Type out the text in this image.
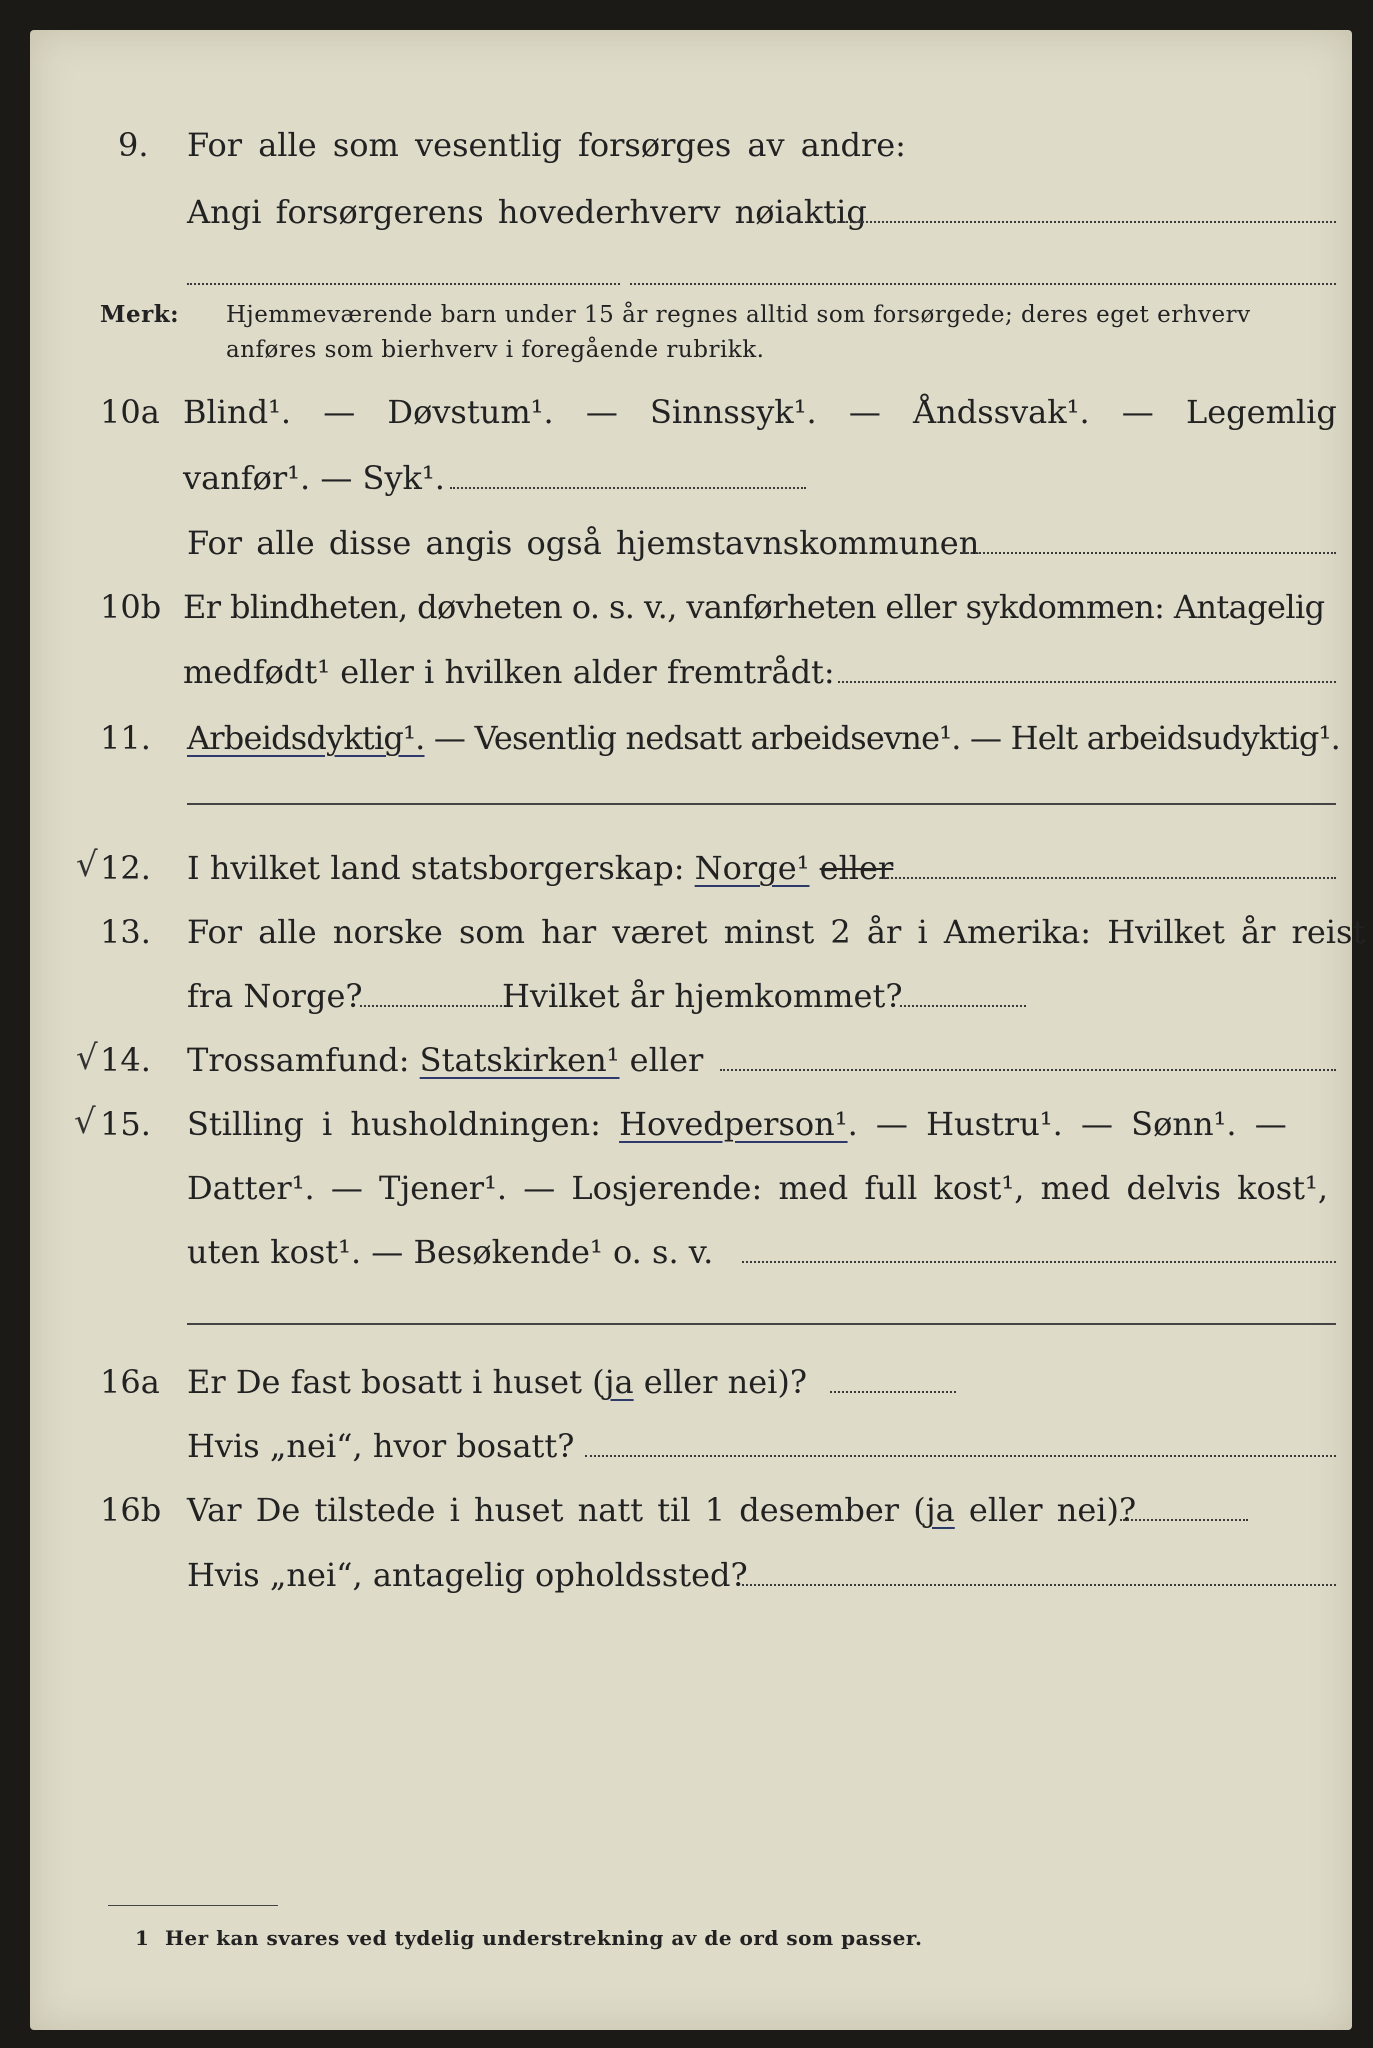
9. For alle som vesentlig forsørges av andre:
Angi forsørgerens hovederhverv nøiaktig
Merk: Hjemmeværende barn under 15 år regnes alltid som forsørgede; deres eget erhverv
anføres som bierhverv i foregående rubrikk.
10a Blind¹. — Døvstum¹. — Sinnssyk¹. — Åndssvak¹. — Legemlig
vanfør¹. — Syk¹.
For alle disse angis også hjemstavnskommunen
10b Er blindheten, døvheten o. s. v., vanførheten eller sykdommen: Antagelig
medfødt¹ eller i hvilken alder fremtrådt:
11. Arbeidsdyktig¹. — Vesentlig nedsatt arbeidsevne¹. — Helt arbeidsudyktig¹.
√ 12. I hvilket land statsborgerskap: Norge¹ eller
13. For alle norske som har været minst 2 år i Amerika: Hvilket år reist
fra Norge?	Hvilket år hjemkommet?
√ 14. Trossamfund: Statskirken¹ eller
√ 15. Stilling i husholdningen: Hovedperson¹. — Hustru¹. — Sønn¹. —
Datter¹. — Tjener¹. — Losjerende: med full kost¹, med delvis kost¹,
uten kost¹. — Besøkende¹ o. s. v.
16a Er De fast bosatt i huset (ja eller nei)?
Hvis „nei“, hvor bosatt?
16b Var De tilstede i huset natt til 1 desember (ja eller nei)?
Hvis „nei“, antagelig opholdssted?
1 Her kan svares ved tydelig understrekning av de ord som passer.
